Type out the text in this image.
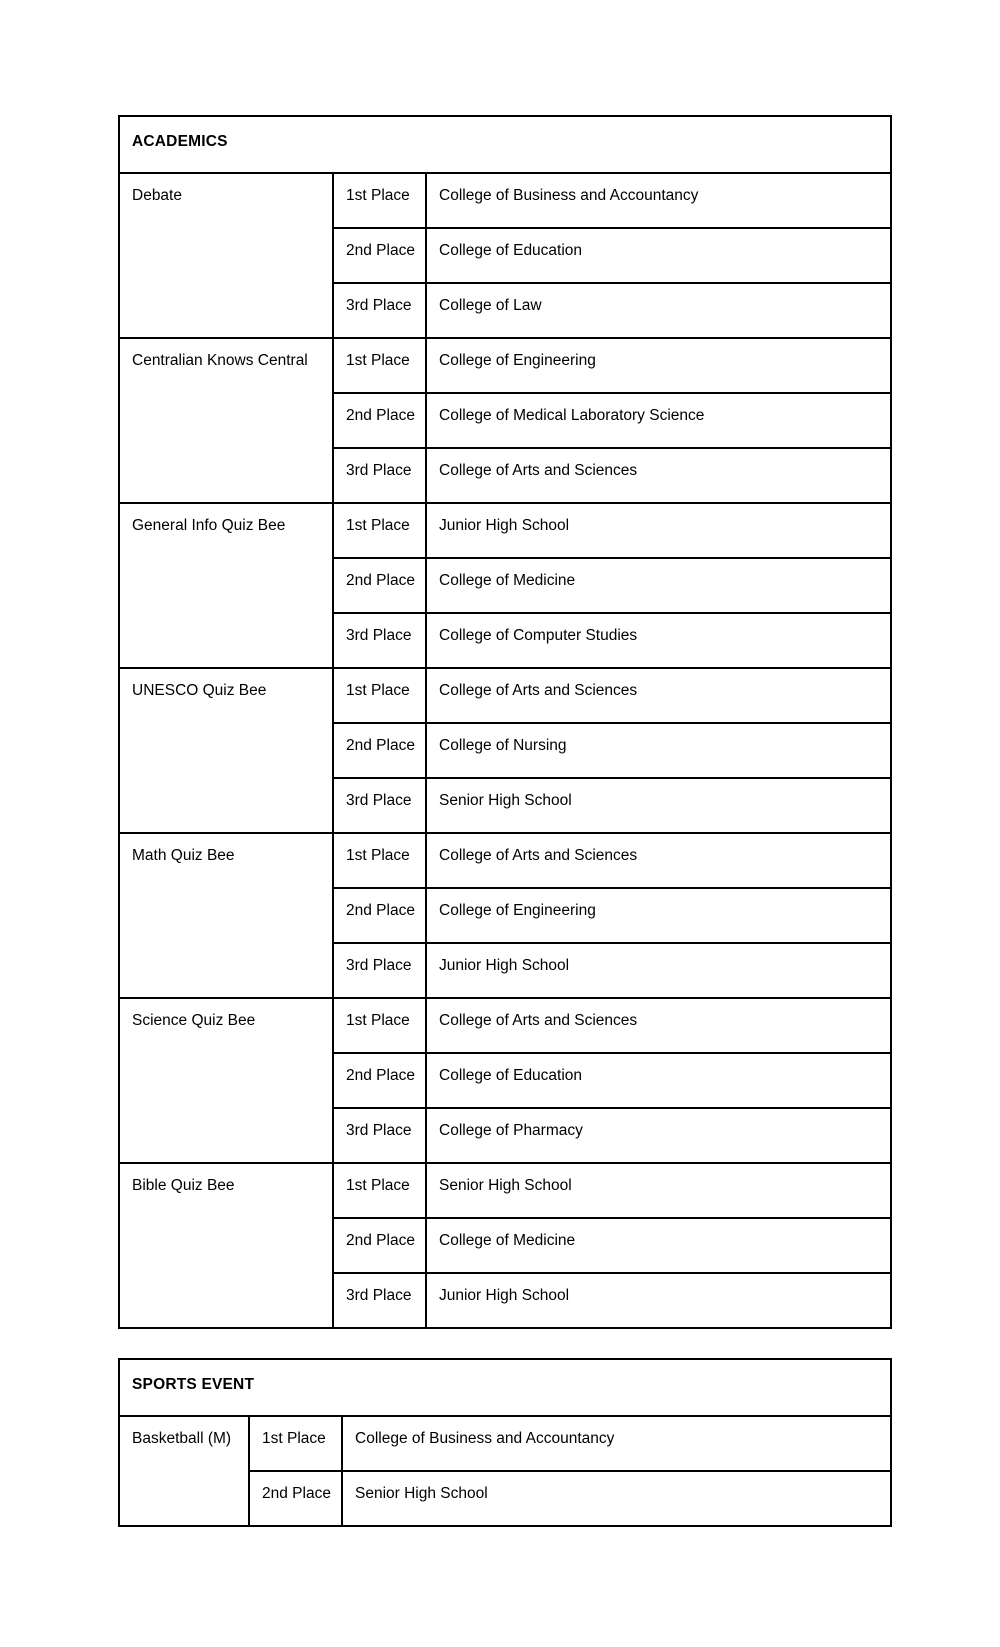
ACADEMICS		
Debate	1st Place	College of Business and Accountancy
	2nd Place	College of Education
	3rd Place	College of Law
Centralian Knows Central	1st Place	College of Engineering
	2nd Place	College of Medical Laboratory Science
	3rd Place	College of Arts and Sciences
General Info Quiz Bee	1st Place	Junior High School
	2nd Place	College of Medicine
	3rd Place	College of Computer Studies
UNESCO Quiz Bee	1st Place	College of Arts and Sciences
	2nd Place	College of Nursing
	3rd Place	Senior High School
Math Quiz Bee	1st Place	College of Arts and Sciences
	2nd Place	College of Engineering
	3rd Place	Junior High School
Science Quiz Bee	1st Place	College of Arts and Sciences
	2nd Place	College of Education
	3rd Place	College of Pharmacy
Bible Quiz Bee	1st Place	Senior High School
	2nd Place	College of Medicine
	3rd Place	Junior High School
SPORTS EVENT		
Basketball (M)	1st Place	College of Business and Accountancy
	2nd Place	Senior High School
